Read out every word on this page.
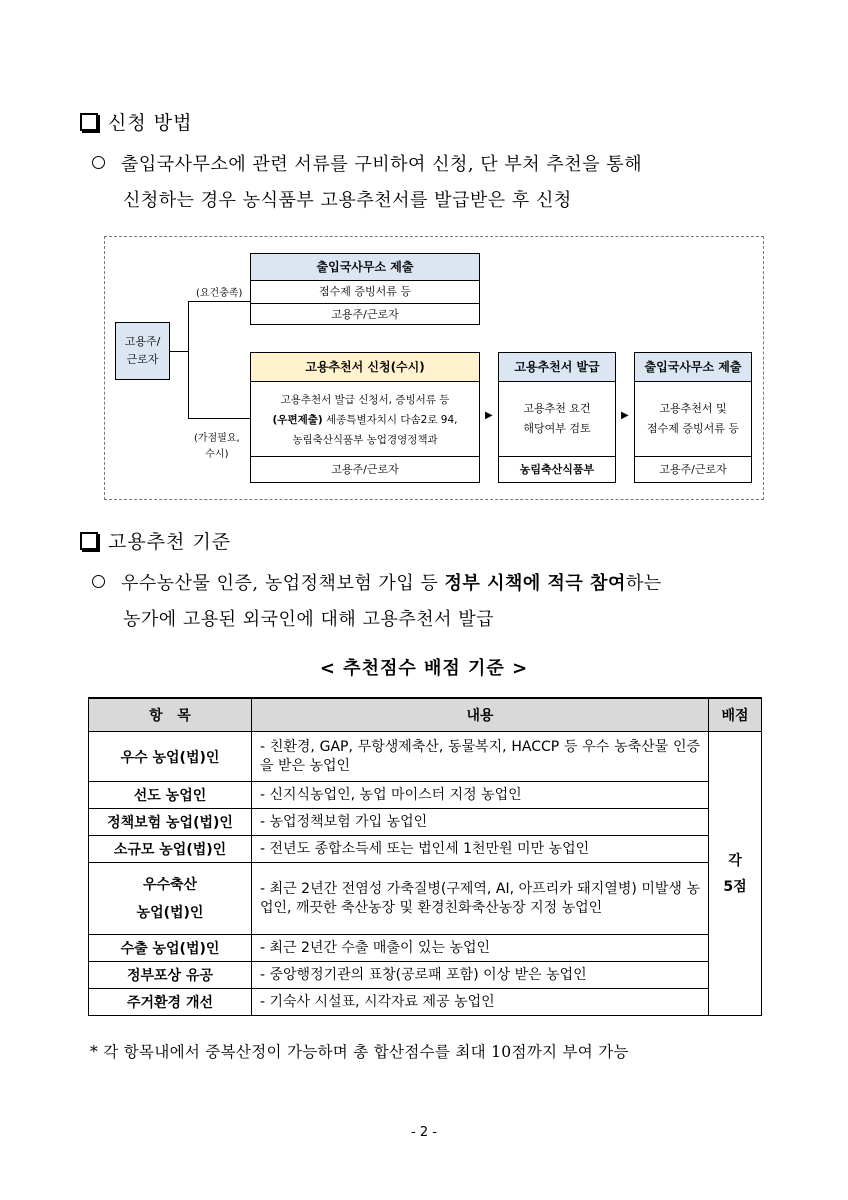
신청 방법
출입국사무소에 관련 서류를 구비하여 신청, 단 부처 추천을 통해
신청하는 경우 농식품부 고용추천서를 발급받은 후 신청
고용주/
근로자
(요건충족)
(가점필요,
수시)
출입국사무소 제출
점수제 증빙서류 등
고용주/근로자
고용추천서 신청(수시)
고용추천서 발급 신청서, 증빙서류 등
(우편제출) 세종특별자치시 다솜2로 94,
농림축산식품부 농업경영정책과
고용주/근로자
▶
고용추천서 발급
고용추천 요건
해당여부 검토
농림축산식품부
▶
출입국사무소 제출
고용추천서 및
점수제 증빙서류 등
고용주/근로자
고용추천 기준
우수농산물 인증, 농업정책보험 가입 등 정부 시책에 적극 참여하는
농가에 고용된 외국인에 대해 고용추천서 발급
< 추천점수 배점 기준 >
항   목	내용	배점
우수 농업(법)인	- 친환경, GAP, 무항생제축산, 동물복지, HACCP 등 우수 농축산물 인증을 받은 농업인	각
5점

선도 농업인	- 신지식농업인, 농업 마이스터 지정 농업인	
정책보험 농업(법)인	- 농업정책보험 가입 농업인	
소규모 농업(법)인	- 전년도 종합소득세 또는 법인세 1천만원 미만 농업인	

우수축산
농업(법)인	- 최근 2년간 전염성 가축질병(구제역, AI, 아프리카 돼지열병) 미발생 농업인, 깨끗한 축산농장 및 환경친화축산농장 지정 농업인	
수출 농업(법)인	- 최근 2년간 수출 매출이 있는 농업인	
정부포상 유공	- 중앙행정기관의 표창(공로패 포함) 이상 받은 농업인	
주거환경 개선	- 기숙사 시설표, 시각자료 제공 농업인	
* 각 항목내에서 중복산정이 가능하며 총 합산점수를 최대 10점까지 부여 가능
- 2 -
